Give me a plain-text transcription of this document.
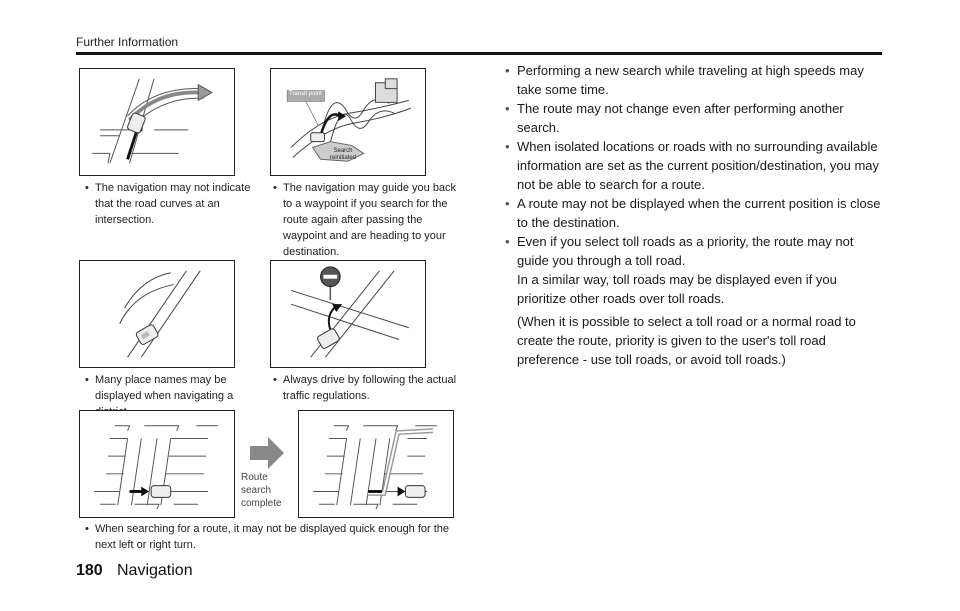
Further Information
• The navigation may not indicate that the road curves at an intersection.
Transit point
Search reinitiated
• The navigation may guide you back to a waypoint if you search for the route again after passing the waypoint and are heading to your destination.
• Many place names may be displayed when navigating a
• Always drive by following the actual traffic regulations.
Route search complete
• When searching for a route, it may not be displayed quick enough for the next left or right turn.
• Performing a new search while traveling at high speeds may take some time.
• The route may not change even after performing another search.
• When isolated locations or roads with no surrounding available information are set as the current position/destination, you may not be able to search for a route.
• A route may not be displayed when the current position is close to the destination.
• Even if you select toll roads as a priority, the route may not guide you through a toll road.
In a similar way, toll roads may be displayed even if you prioritize other roads over toll roads.
(When it is possible to select a toll road or a normal road to create the route, priority is given to the user's toll road preference - use toll roads, or avoid toll roads.)
180 Navigation
